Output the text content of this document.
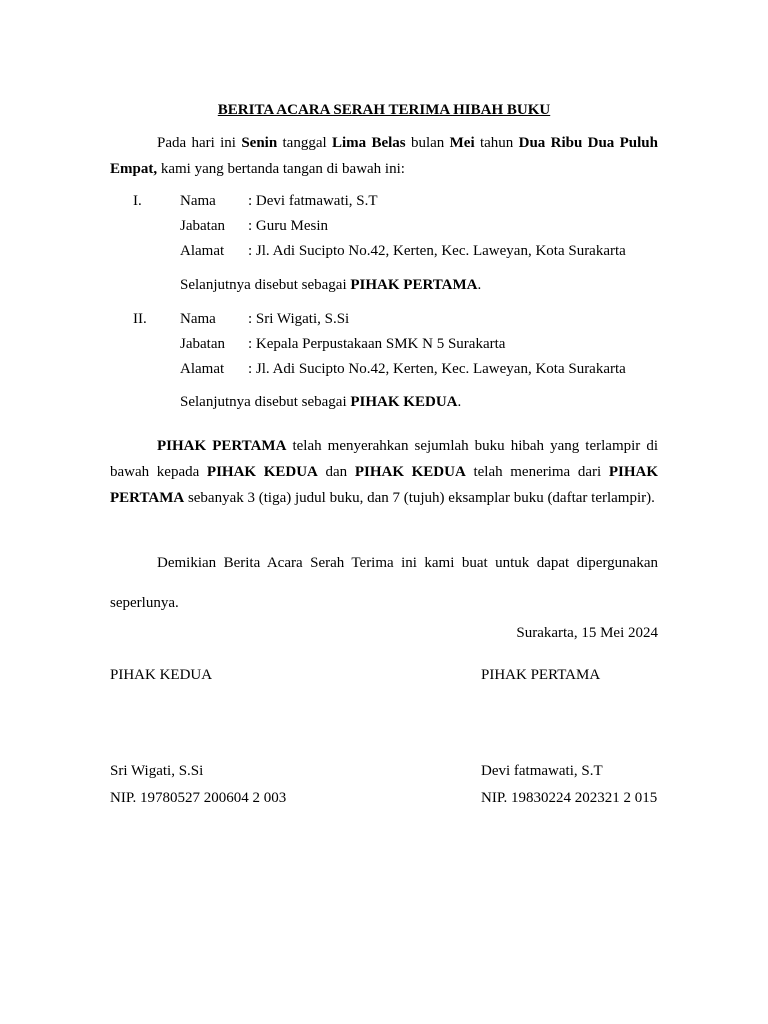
BERITA ACARA SERAH TERIMA HIBAH BUKU

Pada hari ini Senin tanggal Lima Belas bulan Mei tahun Dua Ribu Dua Puluh Empat, kami yang bertanda tangan di bawah ini:

I.	Nama : Devi fatmawati, S.T
Jabatan : Guru Mesin
Alamat : Jl. Adi Sucipto No.42, Kerten, Kec. Laweyan, Kota Surakarta
Selanjutnya disebut sebagai PIHAK PERTAMA.
II. Nama : Sri Wigati, S.Si
Jabatan : Kepala Perpustakaan SMK N 5 Surakarta
Alamat : Jl. Adi Sucipto No.42, Kerten, Kec. Laweyan, Kota Surakarta
Selanjutnya disebut sebagai PIHAK KEDUA.

PIHAK PERTAMA telah menyerahkan sejumlah buku hibah yang terlampir di bawah kepada PIHAK KEDUA dan PIHAK KEDUA telah menerima dari PIHAK PERTAMA sebanyak 3 (tiga) judul buku, dan 7 (tujuh) eksamplar buku (daftar terlampir).

Demikian Berita Acara Serah Terima ini kami buat untuk dapat dipergunakan seperlunya.

Surakarta, 15 Mei 2024
PIHAK KEDUA
Sri Wigati, S.Si
NIP. 19780527 200604 2 003
PIHAK PERTAMA
Devi fatmawati, S.T
NIP. 19830224 202321 2 015
